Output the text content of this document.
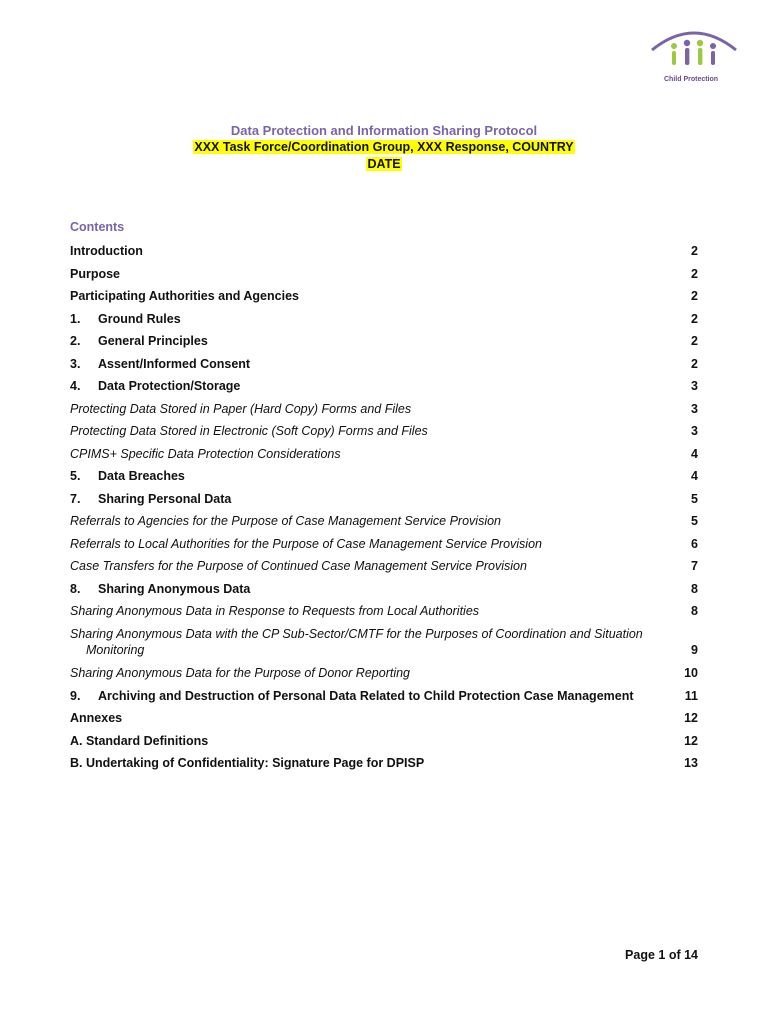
Child Protection
Data Protection and Information Sharing Protocol
XXX Task Force/Coordination Group, XXX Response, COUNTRY
DATE
Contents
Introduction	2
Purpose	2
Participating Authorities and Agencies	2
1. Ground Rules	2
2. General Principles	2
3. Assent/Informed Consent	2
4. Data Protection/Storage	3
Protecting Data Stored in Paper (Hard Copy) Forms and Files	3
Protecting Data Stored in Electronic (Soft Copy) Forms and Files	3
CPIMS+ Specific Data Protection Considerations	4
5. Data Breaches	4
7. Sharing Personal Data	5
Referrals to Agencies for the Purpose of Case Management Service Provision	5
Referrals to Local Authorities for the Purpose of Case Management Service Provision	6
Case Transfers for the Purpose of Continued Case Management Service Provision	7
8. Sharing Anonymous Data	8
Sharing Anonymous Data in Response to Requests from Local Authorities	8
Sharing Anonymous Data with the CP Sub-Sector/CMTF for the Purposes of Coordination and Situation
Monitoring	9
Sharing Anonymous Data for the Purpose of Donor Reporting	10
9. Archiving and Destruction of Personal Data Related to Child Protection Case Management	11
Annexes	12
A. Standard Definitions	12
B. Undertaking of Confidentiality: Signature Page for DPISP	13
Page 1 of 14
